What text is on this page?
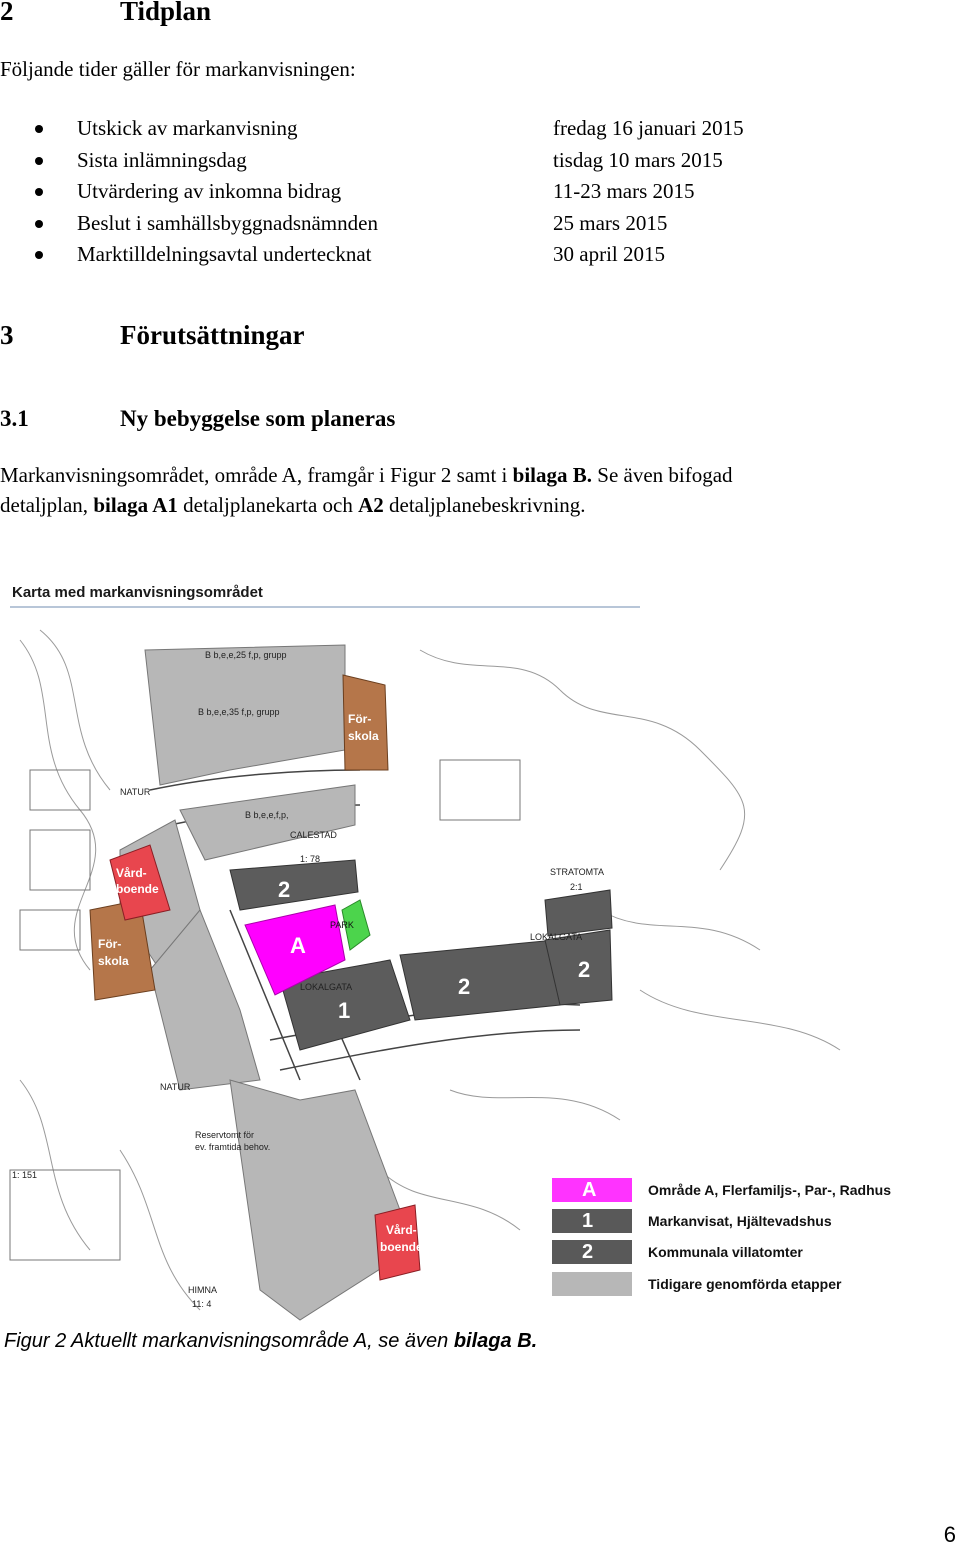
2	Tidplan
Följande tider gäller för markanvisningen:
Utskick av markanvisning	fredag 16 januari 2015
Sista inlämningsdag	tisdag 10 mars 2015
Utvärdering av inkomna bidrag	11-23 mars 2015
Beslut i samhällsbyggnadsnämnden	25 mars 2015
Marktilldelningsavtal undertecknat	30 april 2015
3	Förutsättningar
3.1	Ny bebyggelse som planeras
Markanvisningsområdet, område A, framgår i Figur 2 samt i bilaga B. Se även bifogad
detaljplan, bilaga A1 detaljplanekarta och A2 detaljplanebeskrivning.
Karta med markanvisningsområdet
B b,e,e,25 f,p, grupp
B b,e,e,35 f,p, grupp
B b,e,e,f,p,
NATUR
NATUR
CALESTAD
1: 78
STRATOMTA
2:1
Reservtomt för
ev. framtida behov.
HIMNA
11: 4
1: 151
PARK
LOKALGATA
LOKALGATA
För-
skola
För-
skola
Vård-
boende
Vård-
boende
A
1
2
2
2
A	Område A, Flerfamiljs-, Par-, Radhus
1	Markanvisat, Hjältevadshus
2	Kommunala villatomter
Tidigare genomförda etapper
Figur 2 Aktuellt markanvisningsområde A, se även bilaga B.
6
